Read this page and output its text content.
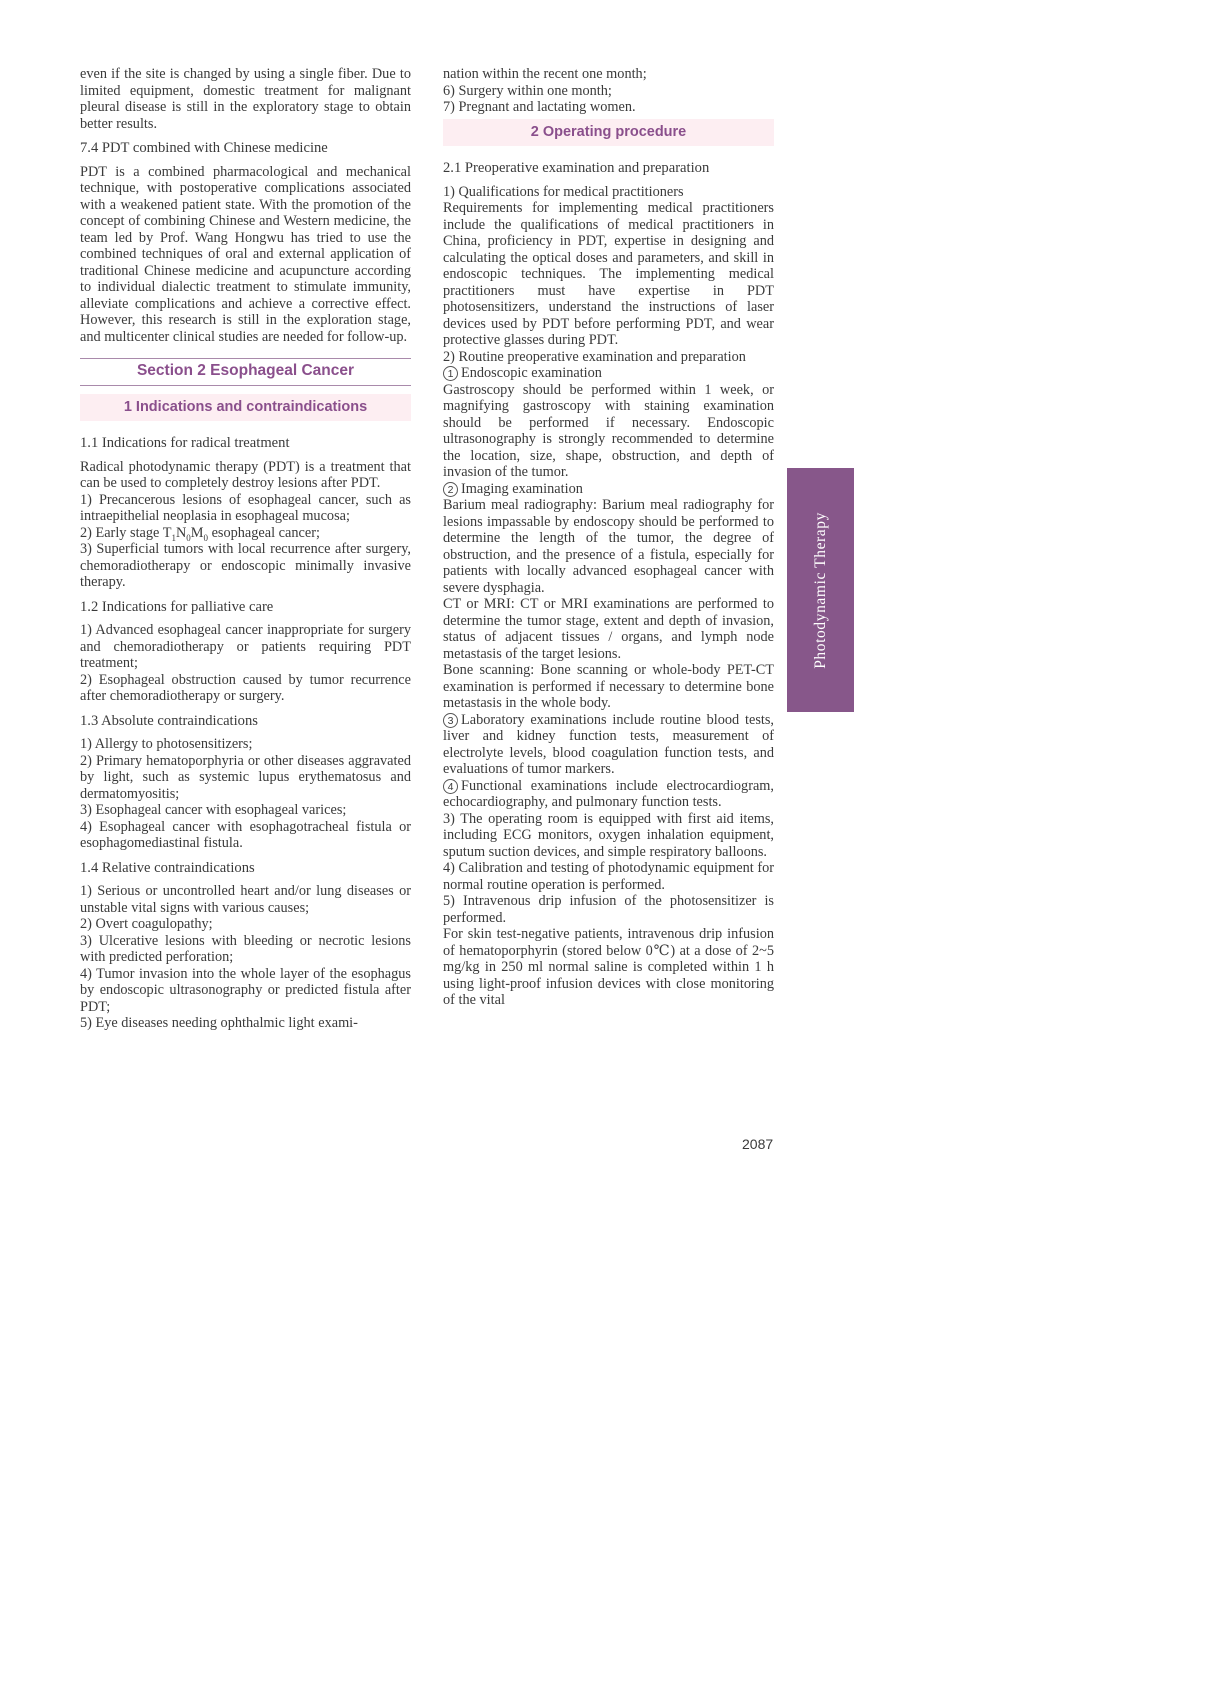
even if the site is changed by using a single fiber. Due to limited equipment, domestic treatment for malignant pleural disease is still in the exploratory stage to obtain better results.

7.4 PDT combined with Chinese medicine

PDT is a combined pharmacological and mechanical technique, with postoperative complications associated with a weakened patient state. With the promotion of the concept of combining Chinese and Western medicine, the team led by Prof. Wang Hongwu has tried to use the combined techniques of oral and external application of traditional Chinese medicine and acupuncture according to individual dialectic treatment to stimulate immunity, alleviate complications and achieve a corrective effect. However, this research is still in the exploration stage, and multicenter clinical studies are needed for follow-up.

Section 2 Esophageal Cancer
1 Indications and contraindications

1.1 Indications for radical treatment

Radical photodynamic therapy (PDT) is a treatment that can be used to completely destroy lesions after PDT.

1) Precancerous lesions of esophageal cancer, such as intraepithelial neoplasia in esophageal mucosa;

2) Early stage $T_1N_0M_0$ esophageal cancer;

3) Superficial tumors with local recurrence after surgery, chemoradiotherapy or endoscopic minimally invasive therapy.

1.2 Indications for palliative care

1) Advanced esophageal cancer inappropriate for surgery and chemoradiotherapy or patients requiring PDT treatment;

2) Esophageal obstruction caused by tumor recurrence after chemoradiotherapy or surgery.

1.3 Absolute contraindications

1) Allergy to photosensitizers;

2) Primary hematoporphyria or other diseases aggravated by light, such as systemic lupus erythematosus and dermatomyositis;

3) Esophageal cancer with esophageal varices;

4) Esophageal cancer with esophagotracheal fistula or esophagomediastinal fistula.

1.4 Relative contraindications

1) Serious or uncontrolled heart and/or lung diseases or unstable vital signs with various causes;

2) Overt coagulopathy;

3) Ulcerative lesions with bleeding or necrotic lesions with predicted perforation;

4) Tumor invasion into the whole layer of the esophagus by endoscopic ultrasonography or predicted fistula after PDT;

5) Eye diseases needing ophthalmic light exami-

nation within the recent one month;

6) Surgery within one month;

7) Pregnant and lactating women.

2 Operating procedure

2.1 Preoperative examination and preparation

1) Qualifications for medical practitioners

Requirements for implementing medical practitioners include the qualifications of medical practitioners in China, proficiency in PDT, expertise in designing and calculating the optical doses and parameters, and skill in endoscopic techniques. The implementing medical practitioners must have expertise in PDT photosensitizers, understand the instructions of laser devices used by PDT before performing PDT, and wear protective glasses during PDT.

2) Routine preoperative examination and preparation

1 Endoscopic examination

Gastroscopy should be performed within 1 week, or magnifying gastroscopy with staining examination should be performed if necessary. Endoscopic ultrasonography is strongly recommended to determine the location, size, shape, obstruction, and depth of invasion of the tumor.

2 Imaging examination

Barium meal radiography: Barium meal radiography for lesions impassable by endoscopy should be performed to determine the length of the tumor, the degree of obstruction, and the presence of a fistula, especially for patients with locally advanced esophageal cancer with severe dysphagia.

CT or MRI: CT or MRI examinations are performed to determine the tumor stage, extent and depth of invasion, status of adjacent tissues / organs, and lymph node metastasis of the target lesions.

Bone scanning: Bone scanning or whole-body PET-CT examination is performed if necessary to determine bone metastasis in the whole body.

3 Laboratory examinations include routine blood tests, liver and kidney function tests, measurement of electrolyte levels, blood coagulation function tests, and evaluations of tumor markers.

4 Functional examinations include electrocardiogram, echocardiography, and pulmonary function tests.

3) The operating room is equipped with first aid items, including ECG monitors, oxygen inhalation equipment, sputum suction devices, and simple respiratory balloons.

4) Calibration and testing of photodynamic equipment for normal routine operation is performed.

5) Intravenous drip infusion of the photosensitizer is performed.

For skin test-negative patients, intravenous drip infusion of hematoporphyrin (stored below 0℃) at a dose of 2~5 mg/kg in 250 ml normal saline is completed within 1 h using light-proof infusion devices with close monitoring of the vital

Photodynamic Therapy
2087
